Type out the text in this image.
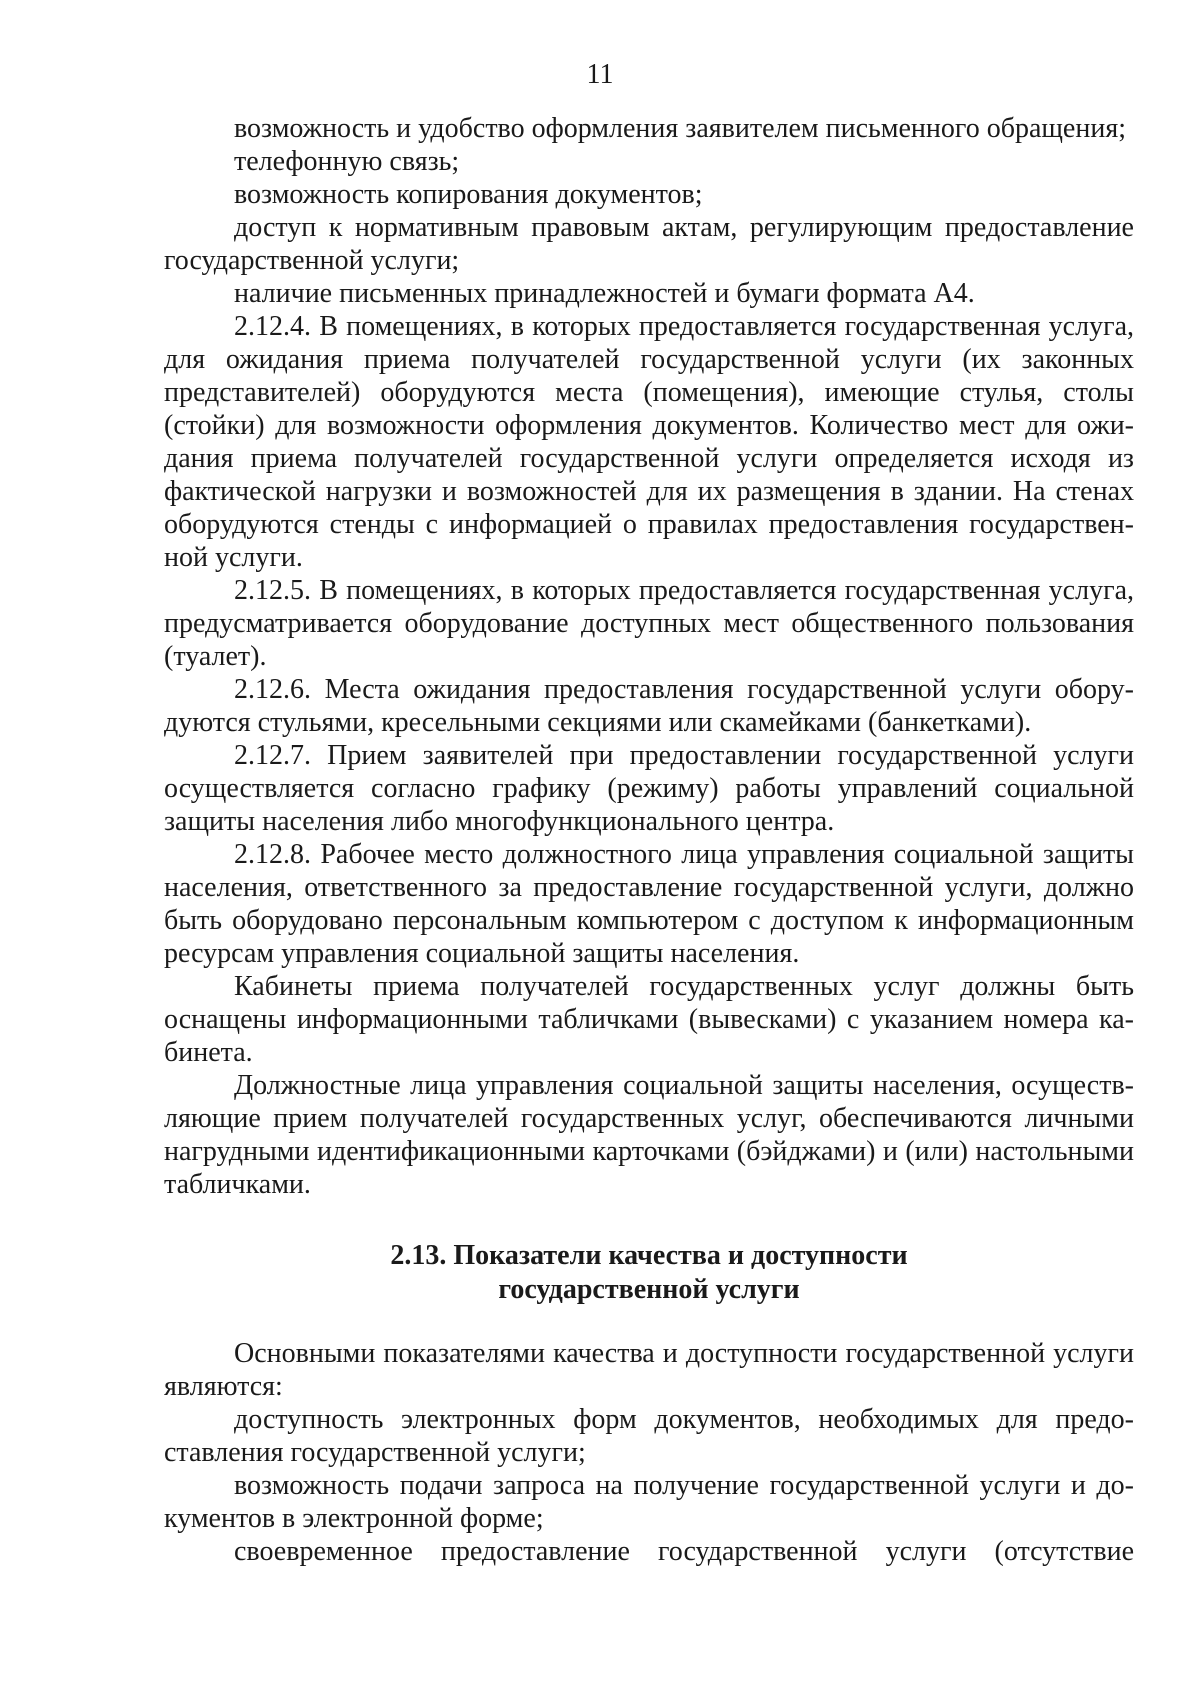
11

возможность и удобство оформления заявителем письменного обращения;

телефонную связь;

возможность копирования документов;

доступ к нормативным правовым актам, регулирующим предоставление государственной услуги;

наличие письменных принадлежностей и бумаги формата А4.

2.12.4. В помещениях, в которых предоставляется государственная услуга, для ожидания приема получателей государственной услуги (их законных представителей) оборудуются места (помещения), имеющие стулья, столы (стойки) для возможности оформления документов. Количество мест для ожидания приема получателей государственной услуги определяется исходя из фактической нагрузки и возможностей для их размещения в здании. На стенах оборудуются стенды с информацией о правилах предоставления государственной услуги.

2.12.5. В помещениях, в которых предоставляется государственная услуга, предусматривается оборудование доступных мест общественного пользования (туалет).

2.12.6. Места ожидания предоставления государственной услуги оборудуются стульями, кресельными секциями или скамейками (банкетками).

2.12.7. Прием заявителей при предоставлении государственной услуги осуществляется согласно графику (режиму) работы управлений социальной защиты населения либо многофункционального центра.

2.12.8. Рабочее место должностного лица управления социальной защиты населения, ответственного за предоставление государственной услуги, должно быть оборудовано персональным компьютером с доступом к информационным ресурсам управления социальной защиты населения.

Кабинеты приема получателей государственных услуг должны быть оснащены информационными табличками (вывесками) с указанием номера кабинета.

Должностные лица управления социальной защиты населения, осуществляющие прием получателей государственных услуг, обеспечиваются личными нагрудными идентификационными карточками (бэйджами) и (или) настольными табличками.

2.13. Показатели качества и доступности
государственной услуги

Основными показателями качества и доступности государственной услуги являются:

доступность электронных форм документов, необходимых для предоставления государственной услуги;

возможность подачи запроса на получение государственной услуги и документов в электронной форме;

своевременное предоставление государственной услуги (отсутствие
